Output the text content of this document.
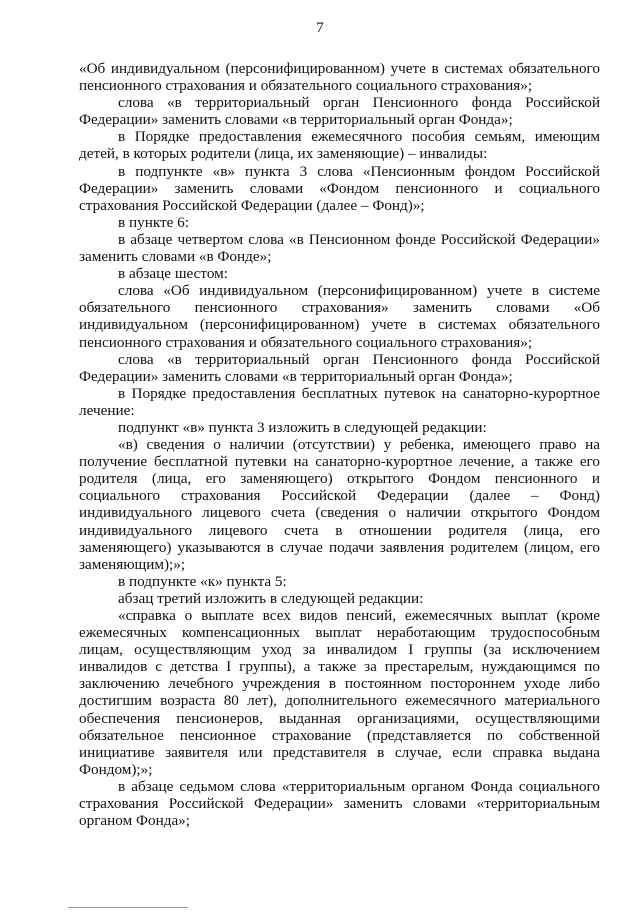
7

«Об индивидуальном (персонифицированном) учете в системах обязательного пенсионного страхования и обязательного социального страхования»;

слова «в территориальный орган Пенсионного фонда Российской Федерации» заменить словами «в территориальный орган Фонда»;

в Порядке предоставления ежемесячного пособия семьям, имеющим детей, в которых родители (лица, их заменяющие) – инвалиды:

в подпункте «в» пункта 3 слова «Пенсионным фондом Российской Федерации» заменить словами «Фондом пенсионного и социального страхования Российской Федерации (далее – Фонд)»;

в пункте 6:

в абзаце четвертом слова «в Пенсионном фонде Российской Федерации» заменить словами «в Фонде»;

в абзаце шестом:

слова «Об индивидуальном (персонифицированном) учете в системе обязательного пенсионного страхования» заменить словами «Об индивидуальном (персонифицированном) учете в системах обязательного пенсионного страхования и обязательного социального страхования»;

слова «в территориальный орган Пенсионного фонда Российской Федерации» заменить словами «в территориальный орган Фонда»;

в Порядке предоставления бесплатных путевок на санаторно-курортное лечение:

подпункт «в» пункта 3 изложить в следующей редакции:

«в) сведения о наличии (отсутствии) у ребенка, имеющего право на получение бесплатной путевки на санаторно-курортное лечение, а также его родителя (лица, его заменяющего) открытого Фондом пенсионного и социального страхования Российской Федерации (далее – Фонд) индивидуального лицевого счета (сведения о наличии открытого Фондом индивидуального лицевого счета в отношении родителя (лица, его заменяющего) указываются в случае подачи заявления родителем (лицом, его заменяющим);»;

в подпункте «к» пункта 5:

абзац третий изложить в следующей редакции:

«справка о выплате всех видов пенсий, ежемесячных выплат (кроме ежемесячных компенсационных выплат неработающим трудоспособным лицам, осуществляющим уход за инвалидом I группы (за исключением инвалидов с детства I группы), а также за престарелым, нуждающимся по заключению лечебного учреждения в постоянном постороннем уходе либо достигшим возраста 80 лет), дополнительного ежемесячного материального обеспечения пенсионеров, выданная организациями, осуществляющими обязательное пенсионное страхование (представляется по собственной инициативе заявителя или представителя в случае, если справка выдана Фондом);»;

в абзаце седьмом слова «территориальным органом Фонда социального страхования Российской Федерации» заменить словами «территориальным органом Фонда»;
